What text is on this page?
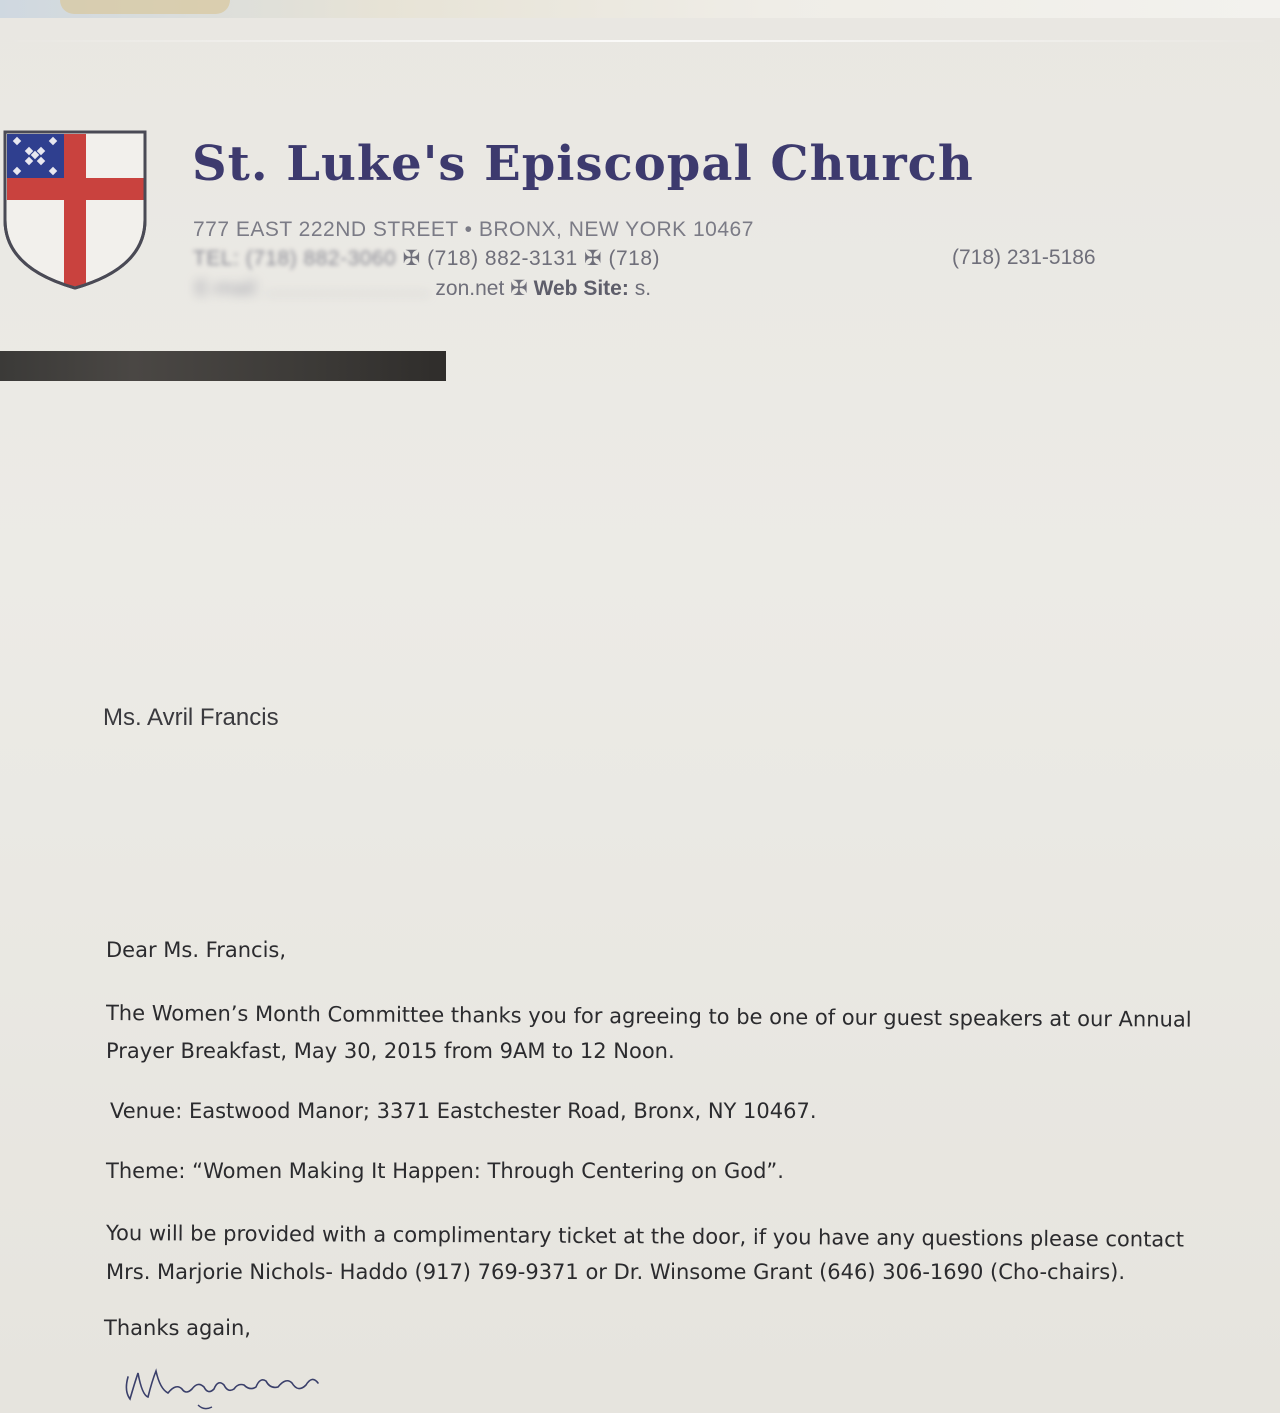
St. Luke's Episcopal Church
777 EAST 222ND STREET • BRONX, NEW YORK 10467
TEL: (718) 882-3060 ✠ (718) 882-3131 ✠ (718)	(718) 231-5186
E-mail: ............................ zon.net ✠ Web Site: s.
Ms. Avril Francis
Dear Ms. Francis,
The Women’s Month Committee thanks you for agreeing to be one of our guest speakers at our Annual
Prayer Breakfast, May 30, 2015 from 9AM to 12 Noon.
Venue: Eastwood Manor; 3371 Eastchester Road, Bronx, NY 10467.
Theme: “Women Making It Happen: Through Centering on God”.
You will be provided with a complimentary ticket at the door, if you have any questions please contact
Mrs. Marjorie Nichols- Haddo (917) 769-9371 or Dr. Winsome Grant (646) 306-1690 (Cho-chairs).
Thanks again,
